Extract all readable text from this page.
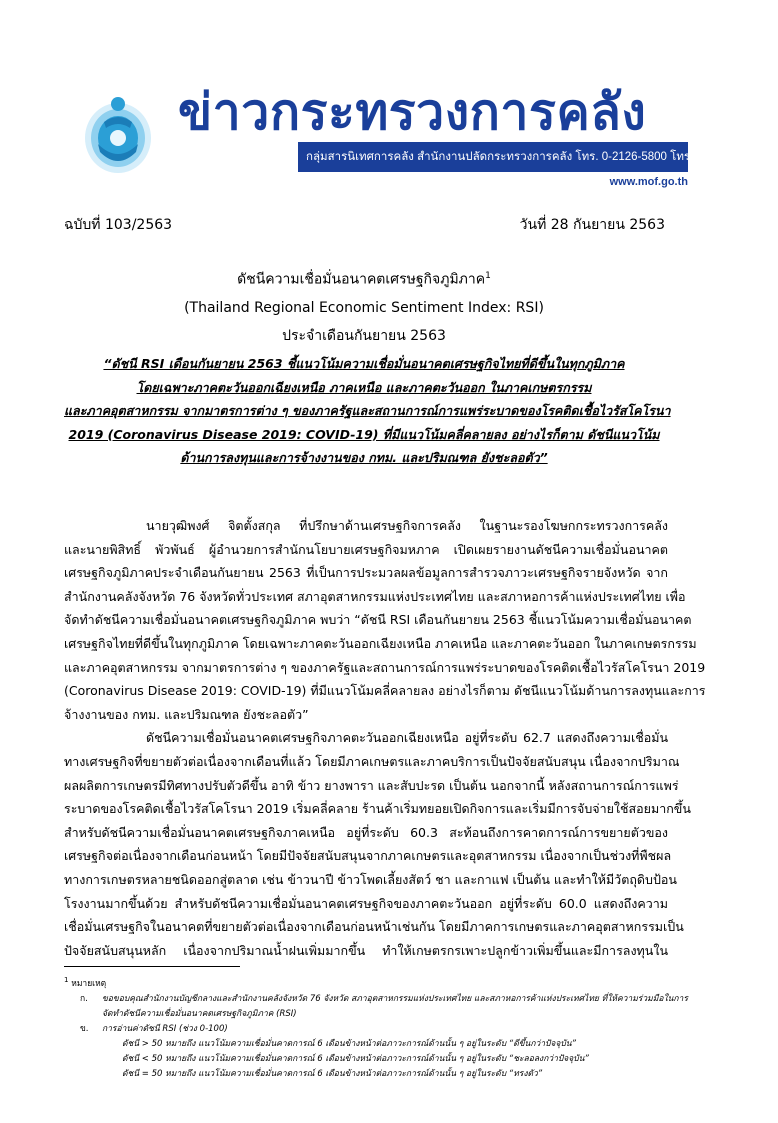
ข่าวกระทรวงการคลัง
กลุ่มสารนิเทศการคลัง สำนักงานปลัดกระทรวงการคลัง โทร. 0-2126-5800 โทรสาร 0-2273-9763
www.mof.go.th
ฉบับที่ 103/2563	วันที่ 28 กันยายน 2563
ดัชนีความเชื่อมั่นอนาคตเศรษฐกิจภูมิภาค$^1$
(Thailand Regional Economic Sentiment Index: RSI)
ประจำเดือนกันยายน 2563
“ดัชนี RSI เดือนกันยายน 2563 ชี้แนวโน้มความเชื่อมั่นอนาคตเศรษฐกิจไทยที่ดีขึ้นในทุกภูมิภาค
โดยเฉพาะภาคตะวันออกเฉียงเหนือ ภาคเหนือ และภาคตะวันออก ในภาคเกษตรกรรม
และภาคอุตสาหกรรม จากมาตรการต่าง ๆ ของภาครัฐและสถานการณ์การแพร่ระบาดของโรคติดเชื้อไวรัสโคโรนา
2019 (Coronavirus Disease 2019: COVID-19) ที่มีแนวโน้มคลี่คลายลง อย่างไรก็ตาม ดัชนีแนวโน้ม
ด้านการลงทุนและการจ้างงานของ กทม. และปริมณฑล ยังชะลอตัว”
นายวุฒิพงศ์ จิตตั้งสกุล ที่ปรึกษาด้านเศรษฐกิจการคลัง ในฐานะรองโฆษกกระทรวงการคลัง
และนายพิสิทธิ์ พัวพันธ์ ผู้อำนวยการสำนักนโยบายเศรษฐกิจมหภาค เปิดเผยรายงานดัชนีความเชื่อมั่นอนาคต
เศรษฐกิจภูมิภาคประจำเดือนกันยายน 2563 ที่เป็นการประมวลผลข้อมูลการสำรวจภาวะเศรษฐกิจรายจังหวัด จาก
สำนักงานคลังจังหวัด 76 จังหวัดทั่วประเทศ สภาอุตสาหกรรมแห่งประเทศไทย และสภาหอการค้าแห่งประเทศไทย เพื่อ
จัดทำดัชนีความเชื่อมั่นอนาคตเศรษฐกิจภูมิภาค พบว่า “ดัชนี RSI เดือนกันยายน 2563 ชี้แนวโน้มความเชื่อมั่นอนาคต
เศรษฐกิจไทยที่ดีขึ้นในทุกภูมิภาค โดยเฉพาะภาคตะวันออกเฉียงเหนือ ภาคเหนือ และภาคตะวันออก ในภาคเกษตรกรรม
และภาคอุตสาหกรรม จากมาตรการต่าง ๆ ของภาครัฐและสถานการณ์การแพร่ระบาดของโรคติดเชื้อไวรัสโคโรนา 2019
(Coronavirus Disease 2019: COVID-19) ที่มีแนวโน้มคลี่คลายลง อย่างไรก็ตาม ดัชนีแนวโน้มด้านการลงทุนและการ
จ้างงานของ กทม. และปริมณฑล ยังชะลอตัว”
ดัชนีความเชื่อมั่นอนาคตเศรษฐกิจภาคตะวันออกเฉียงเหนือ อยู่ที่ระดับ 62.7 แสดงถึงความเชื่อมั่น
ทางเศรษฐกิจที่ขยายตัวต่อเนื่องจากเดือนที่แล้ว โดยมีภาคเกษตรและภาคบริการเป็นปัจจัยสนับสนุน เนื่องจากปริมาณ
ผลผลิตการเกษตรมีทิศทางปรับตัวดีขึ้น อาทิ ข้าว ยางพารา และสับปะรด เป็นต้น นอกจากนี้ หลังสถานการณ์การแพร่
ระบาดของโรคติดเชื้อไวรัสโคโรนา 2019 เริ่มคลี่คลาย ร้านค้าเริ่มทยอยเปิดกิจการและเริ่มมีการจับจ่ายใช้สอยมากขึ้น
สำหรับดัชนีความเชื่อมั่นอนาคตเศรษฐกิจภาคเหนือ อยู่ที่ระดับ 60.3 สะท้อนถึงการคาดการณ์การขยายตัวของ
เศรษฐกิจต่อเนื่องจากเดือนก่อนหน้า โดยมีปัจจัยสนับสนุนจากภาคเกษตรและอุตสาหกรรม เนื่องจากเป็นช่วงที่พืชผล
ทางการเกษตรหลายชนิดออกสู่ตลาด เช่น ข้าวนาปี ข้าวโพดเลี้ยงสัตว์ ชา และกาแฟ เป็นต้น และทำให้มีวัตถุดิบป้อน
โรงงานมากขึ้นด้วย สำหรับดัชนีความเชื่อมั่นอนาคตเศรษฐกิจของภาคตะวันออก อยู่ที่ระดับ 60.0 แสดงถึงความ
เชื่อมั่นเศรษฐกิจในอนาคตที่ขยายตัวต่อเนื่องจากเดือนก่อนหน้าเช่นกัน โดยมีภาคการเกษตรและภาคอุตสาหกรรมเป็น
ปัจจัยสนับสนุนหลัก เนื่องจากปริมาณน้ำฝนเพิ่มมากขึ้น ทำให้เกษตรกรเพาะปลูกข้าวเพิ่มขึ้นและมีการลงทุนใน
$^1$ หมายเหตุ
ก.	ขอขอบคุณสำนักงานบัญชีกลางและสำนักงานคลังจังหวัด 76 จังหวัด สภาอุตสาหกรรมแห่งประเทศไทย และสภาหอการค้าแห่งประเทศไทย ที่ให้ความร่วมมือในการ
จัดทำดัชนีความเชื่อมั่นอนาคตเศรษฐกิจภูมิภาค (RSI)
ข.	การอ่านค่าดัชนี RSI (ช่วง 0-100)
ดัชนี > 50 หมายถึง แนวโน้มความเชื่อมั่นคาดการณ์ 6 เดือนข้างหน้าต่อภาวะการณ์ด้านนั้น ๆ อยู่ในระดับ “ดีขึ้นกว่าปัจจุบัน”
ดัชนี < 50 หมายถึง แนวโน้มความเชื่อมั่นคาดการณ์ 6 เดือนข้างหน้าต่อภาวะการณ์ด้านนั้น ๆ อยู่ในระดับ “ชะลอลงกว่าปัจจุบัน”
ดัชนี = 50 หมายถึง แนวโน้มความเชื่อมั่นคาดการณ์ 6 เดือนข้างหน้าต่อภาวะการณ์ด้านนั้น ๆ อยู่ในระดับ “ทรงตัว”
